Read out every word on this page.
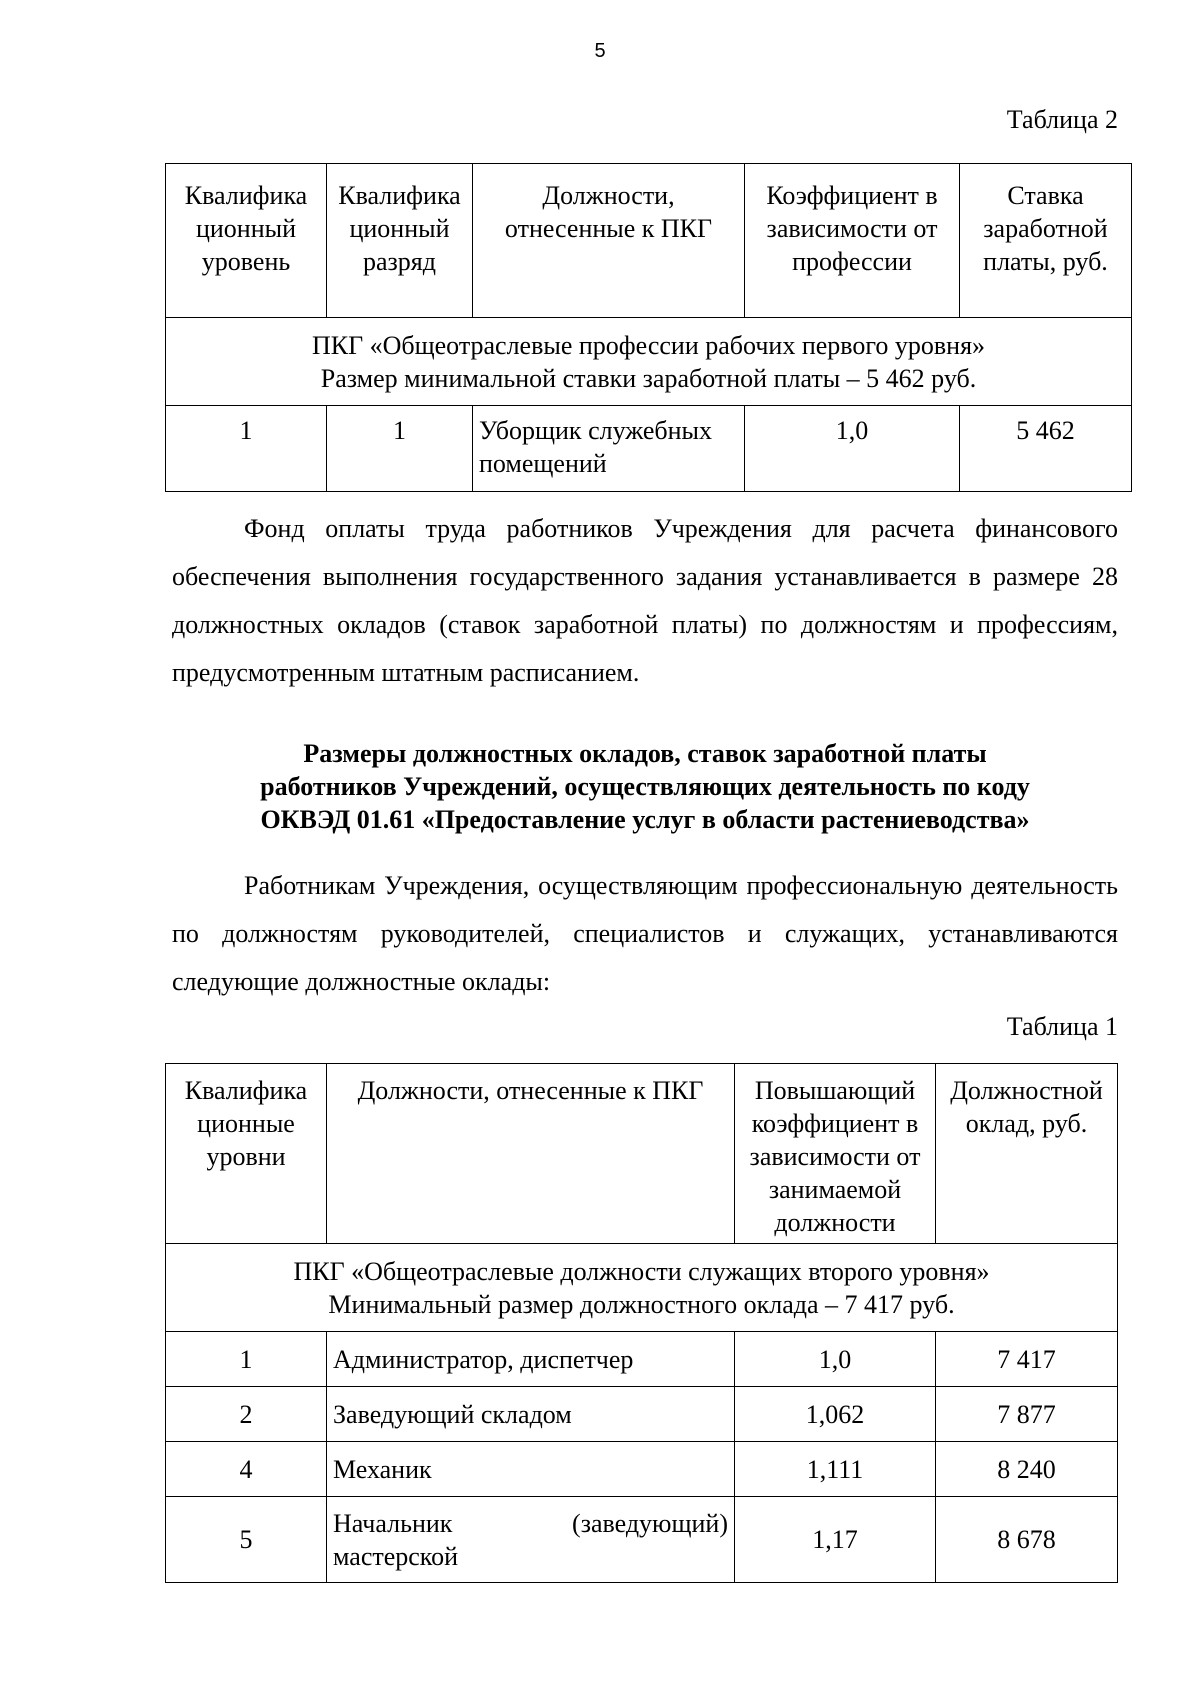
5
Таблица 2
Квалифика ционный уровень	Квалифика ционный разряд	Должности, отнесенные к ПКГ	Коэффициент в зависимости от профессии	Ставка заработной платы, руб.

ПКГ «Общеотраслевые профессии рабочих первого уровня»
Размер минимальной ставки заработной платы – 5 462 руб.				

1	1	Уборщик служебных помещений	1,0	5 462
Фонд оплаты труда работников Учреждения для расчета финансового обеспечения выполнения государственного задания устанавливается в размере 28 должностных окладов (ставок заработной платы) по должностям и профессиям, предусмотренным штатным расписанием.
Размеры должностных окладов, ставок заработной платы
работников Учреждений, осуществляющих деятельность по коду
ОКВЭД 01.61 «Предоставление услуг в области растениеводства»
Работникам Учреждения, осуществляющим профессиональную деятельность по должностям руководителей, специалистов и служащих, устанавливаются следующие должностные оклады:
Таблица 1
Квалифика ционные уровни	Должности, отнесенные к ПКГ	Повышающий коэффициент в зависимости от занимаемой должности	Должностной оклад, руб.

ПКГ «Общеотраслевые должности служащих второго уровня»
Минимальный размер должностного оклада – 7 417 руб.			

1	Администратор, диспетчер	1,0	7 417
2	Заведующий складом	1,062	7 877
4	Механик	1,111	8 240
5	Начальник (заведующий) мастерской	1,17	8 678
